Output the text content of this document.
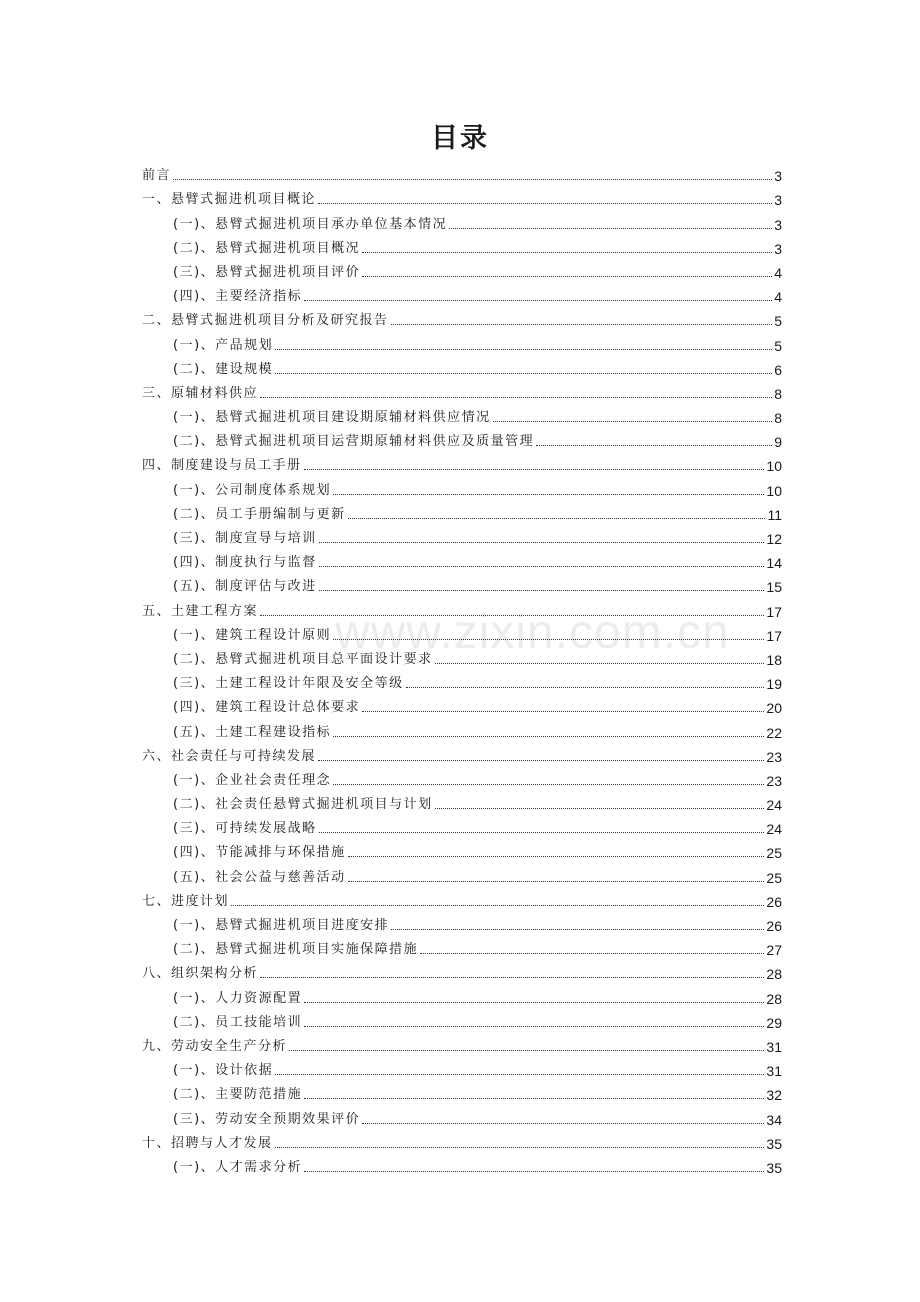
目录
www.zixin.com.cn
前言	3
一、悬臂式掘进机项目概论	3
(一)、悬臂式掘进机项目承办单位基本情况	3
(二)、悬臂式掘进机项目概况	3
(三)、悬臂式掘进机项目评价	4
(四)、主要经济指标	4
二、悬臂式掘进机项目分析及研究报告	5
(一)、产品规划	5
(二)、建设规模	6
三、原辅材料供应	8
(一)、悬臂式掘进机项目建设期原辅材料供应情况	8
(二)、悬臂式掘进机项目运营期原辅材料供应及质量管理	9
四、制度建设与员工手册	10
(一)、公司制度体系规划	10
(二)、员工手册编制与更新	11
(三)、制度宣导与培训	12
(四)、制度执行与监督	14
(五)、制度评估与改进	15
五、土建工程方案	17
(一)、建筑工程设计原则	17
(二)、悬臂式掘进机项目总平面设计要求	18
(三)、土建工程设计年限及安全等级	19
(四)、建筑工程设计总体要求	20
(五)、土建工程建设指标	22
六、社会责任与可持续发展	23
(一)、企业社会责任理念	23
(二)、社会责任悬臂式掘进机项目与计划	24
(三)、可持续发展战略	24
(四)、节能减排与环保措施	25
(五)、社会公益与慈善活动	25
七、进度计划	26
(一)、悬臂式掘进机项目进度安排	26
(二)、悬臂式掘进机项目实施保障措施	27
八、组织架构分析	28
(一)、人力资源配置	28
(二)、员工技能培训	29
九、劳动安全生产分析	31
(一)、设计依据	31
(二)、主要防范措施	32
(三)、劳动安全预期效果评价	34
十、招聘与人才发展	35
(一)、人才需求分析	35
